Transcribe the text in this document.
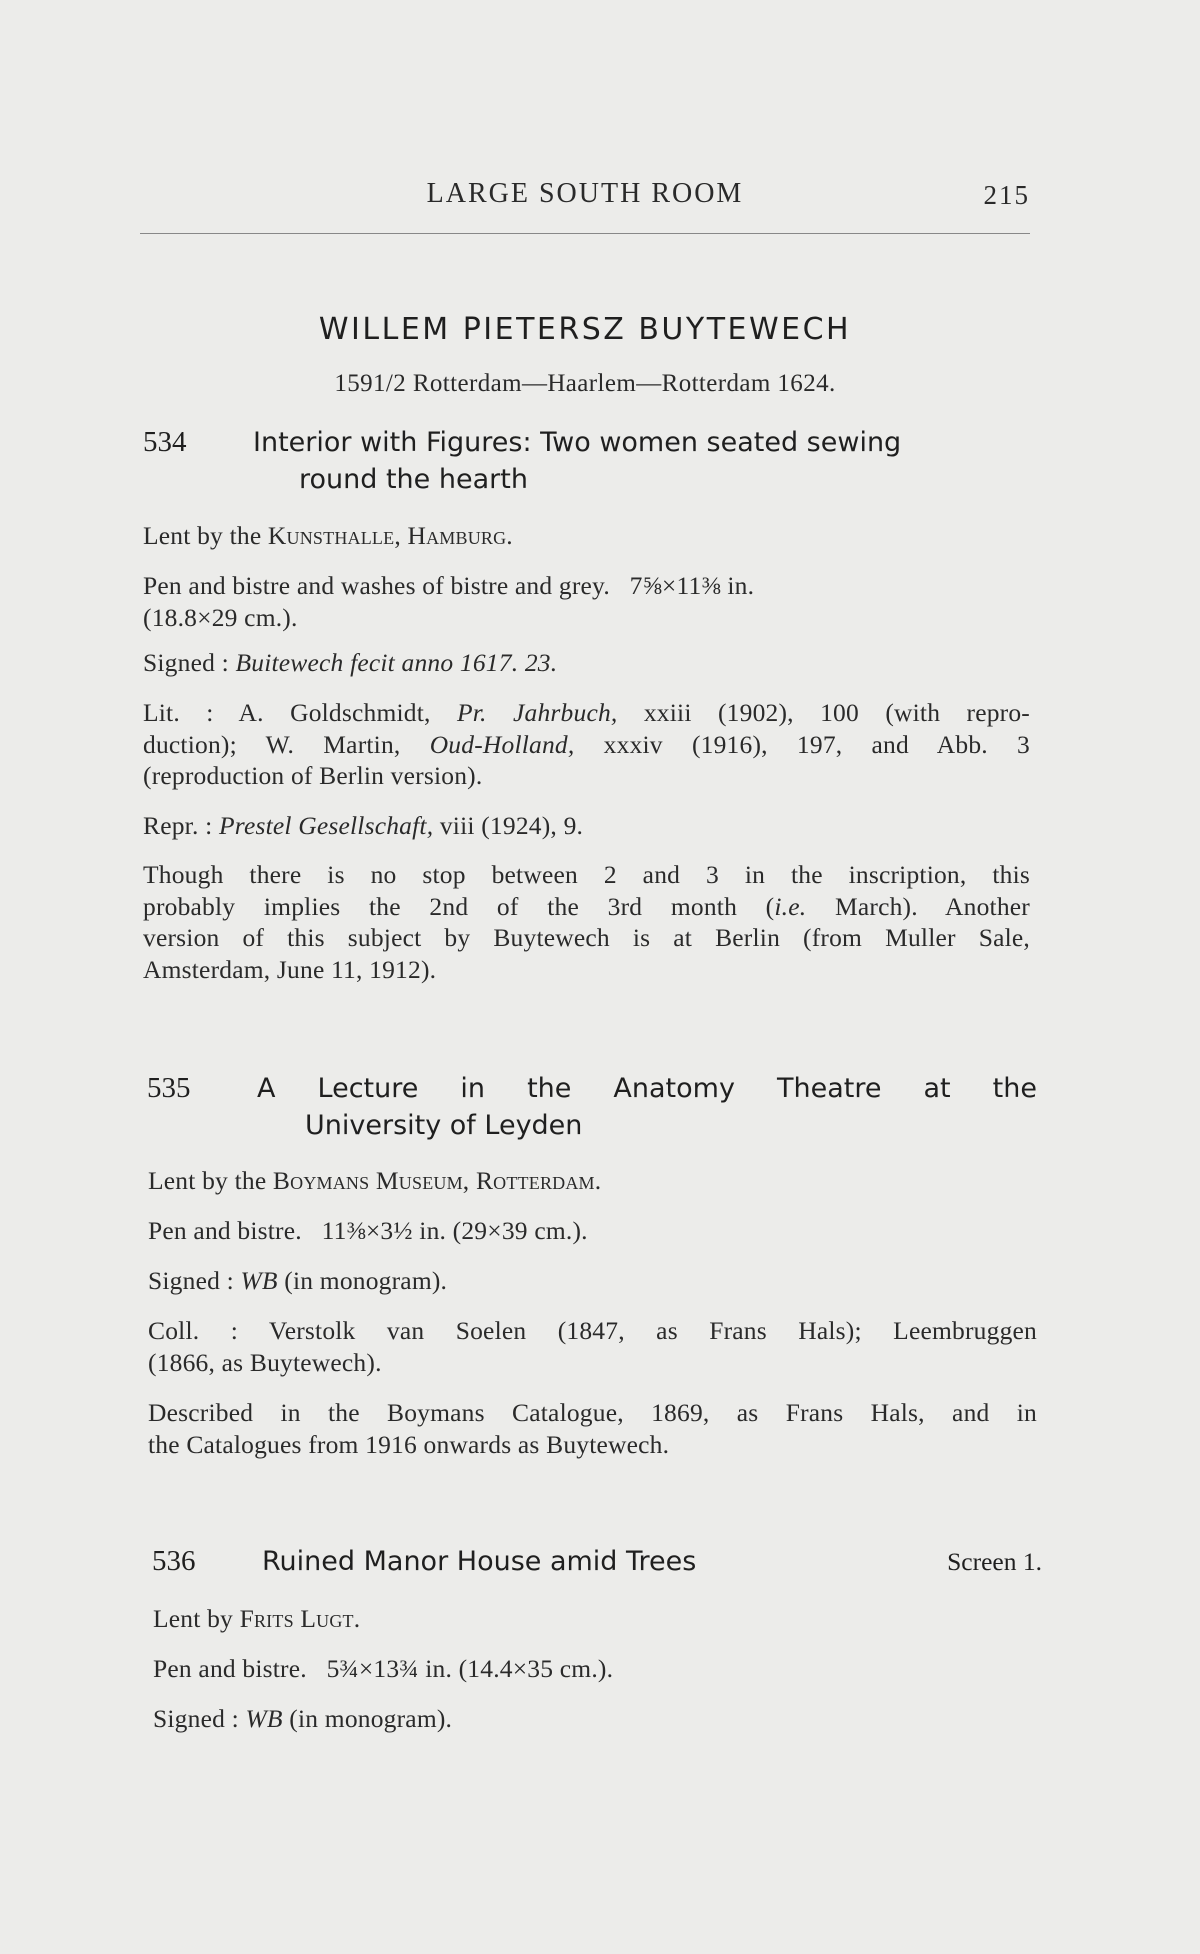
LARGE SOUTH ROOM	215
WILLEM PIETERSZ BUYTEWECH
1591/2 Rotterdam—Haarlem—Rotterdam 1624.
534 Interior with Figures: Two women seated sewing
round the hearth
Lent by the Kunsthalle, Hamburg.
Pen and bistre and washes of bistre and grey.   7⅝×11⅜ in.
(18.8×29 cm.).
Signed : Buitewech fecit anno 1617. 23.
Lit. : A. Goldschmidt, Pr. Jahrbuch, xxiii (1902), 100 (with repro-
duction); W. Martin, Oud-Holland, xxxiv (1916), 197, and Abb. 3
(reproduction of Berlin version).
Repr. : Prestel Gesellschaft, viii (1924), 9.
Though there is no stop between 2 and 3 in the inscription, this
probably implies the 2nd of the 3rd month (i.e. March). Another
version of this subject by Buytewech is at Berlin (from Muller Sale,
Amsterdam, June 11, 1912).
535 A Lecture in the Anatomy Theatre at the
University of Leyden
Lent by the Boymans Museum, Rotterdam.
Pen and bistre.   11⅜×3½ in. (29×39 cm.).
Signed : WB (in monogram).
Coll. : Verstolk van Soelen (1847, as Frans Hals); Leembruggen
(1866, as Buytewech).
Described in the Boymans Catalogue, 1869, as Frans Hals, and in
the Catalogues from 1916 onwards as Buytewech.
536 Ruined Manor House amid Trees	Screen 1.
Lent by Frits Lugt.
Pen and bistre.   5¾×13¾ in. (14.4×35 cm.).
Signed : WB (in monogram).
